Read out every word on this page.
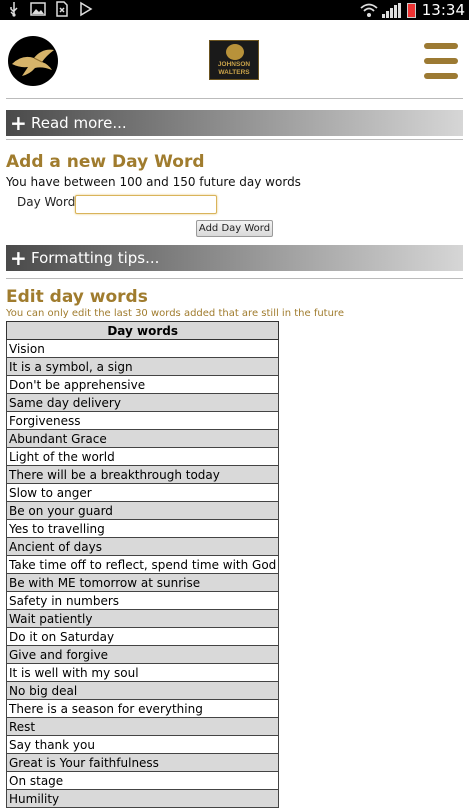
13:34
JOHNSON
WALTERS
+ Read more...
Add a new Day Word
You have between 100 and 150 future day words
Day Word
Add Day Word
+ Formatting tips...
Edit day words
You can only edit the last 30 words added that are still in the future
Day words
Vision
It is a symbol, a sign
Don't be apprehensive
Same day delivery
Forgiveness
Abundant Grace
Light of the world
There will be a breakthrough today
Slow to anger
Be on your guard
Yes to travelling
Ancient of days
Take time off to reflect, spend time with God
Be with ME tomorrow at sunrise
Safety in numbers
Wait patiently
Do it on Saturday
Give and forgive
It is well with my soul
No big deal
There is a season for everything
Rest
Say thank you
Great is Your faithfulness
On stage
Humility
